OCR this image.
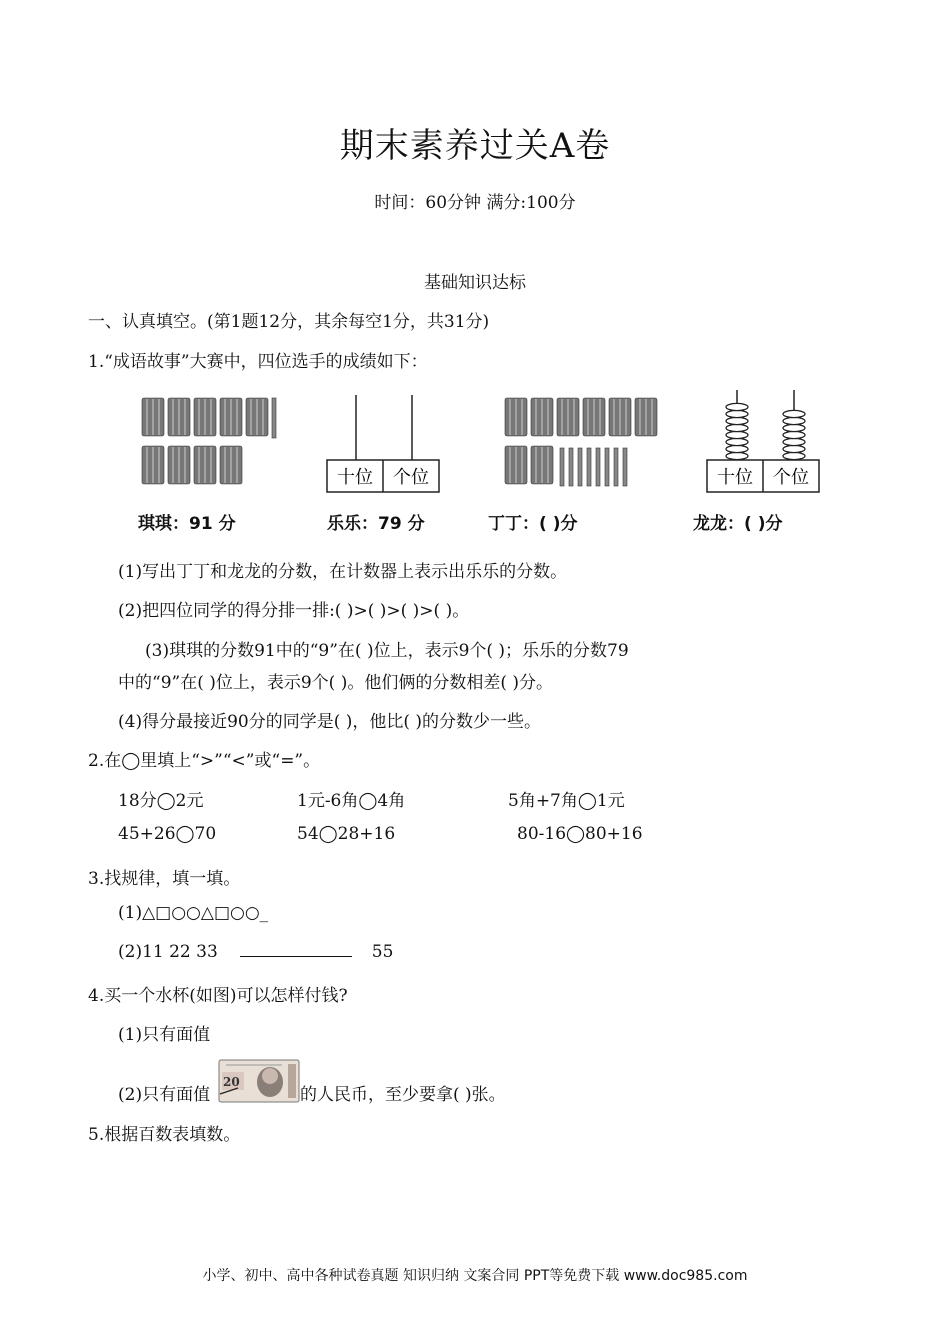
期末素养过关A卷
时间：60分钟 满分:100分
基础知识达标
一、认真填空。(第1题12分，其余每空1分，共31分)
1.“成语故事”大赛中，四位选手的成绩如下：
十位 个位	十位 个位
琪琪：91 分	乐乐：79 分	丁丁：( )分	龙龙：( )分
(1)写出丁丁和龙龙的分数，在计数器上表示出乐乐的分数。
(2)把四位同学的得分排一排:( )>( )>( )>( )。
(3)琪琪的分数91中的“9”在( )位上，表示9个( )；乐乐的分数79
中的“9”在( )位上，表示9个( )。他们俩的分数相差( )分。
(4)得分最接近90分的同学是( )，他比( )的分数少一些。
2.在◯里填上“>”“<”或“=”。
18分◯2元	1元-6角◯4角	5角+7角◯1元
45+26◯70	54◯28+16	80-16◯80+16
3.找规律，填一填。
(1)△□○○△□○○_
(2)11 22 33	55
4.买一个水杯(如图)可以怎样付钱?
(1)只有面值
(2)只有面值
20
的人民币，至少要拿( )张。
5.根据百数表填数。
小学、初中、高中各种试卷真题 知识归纳 文案合同 PPT等免费下载 www.doc985.com
